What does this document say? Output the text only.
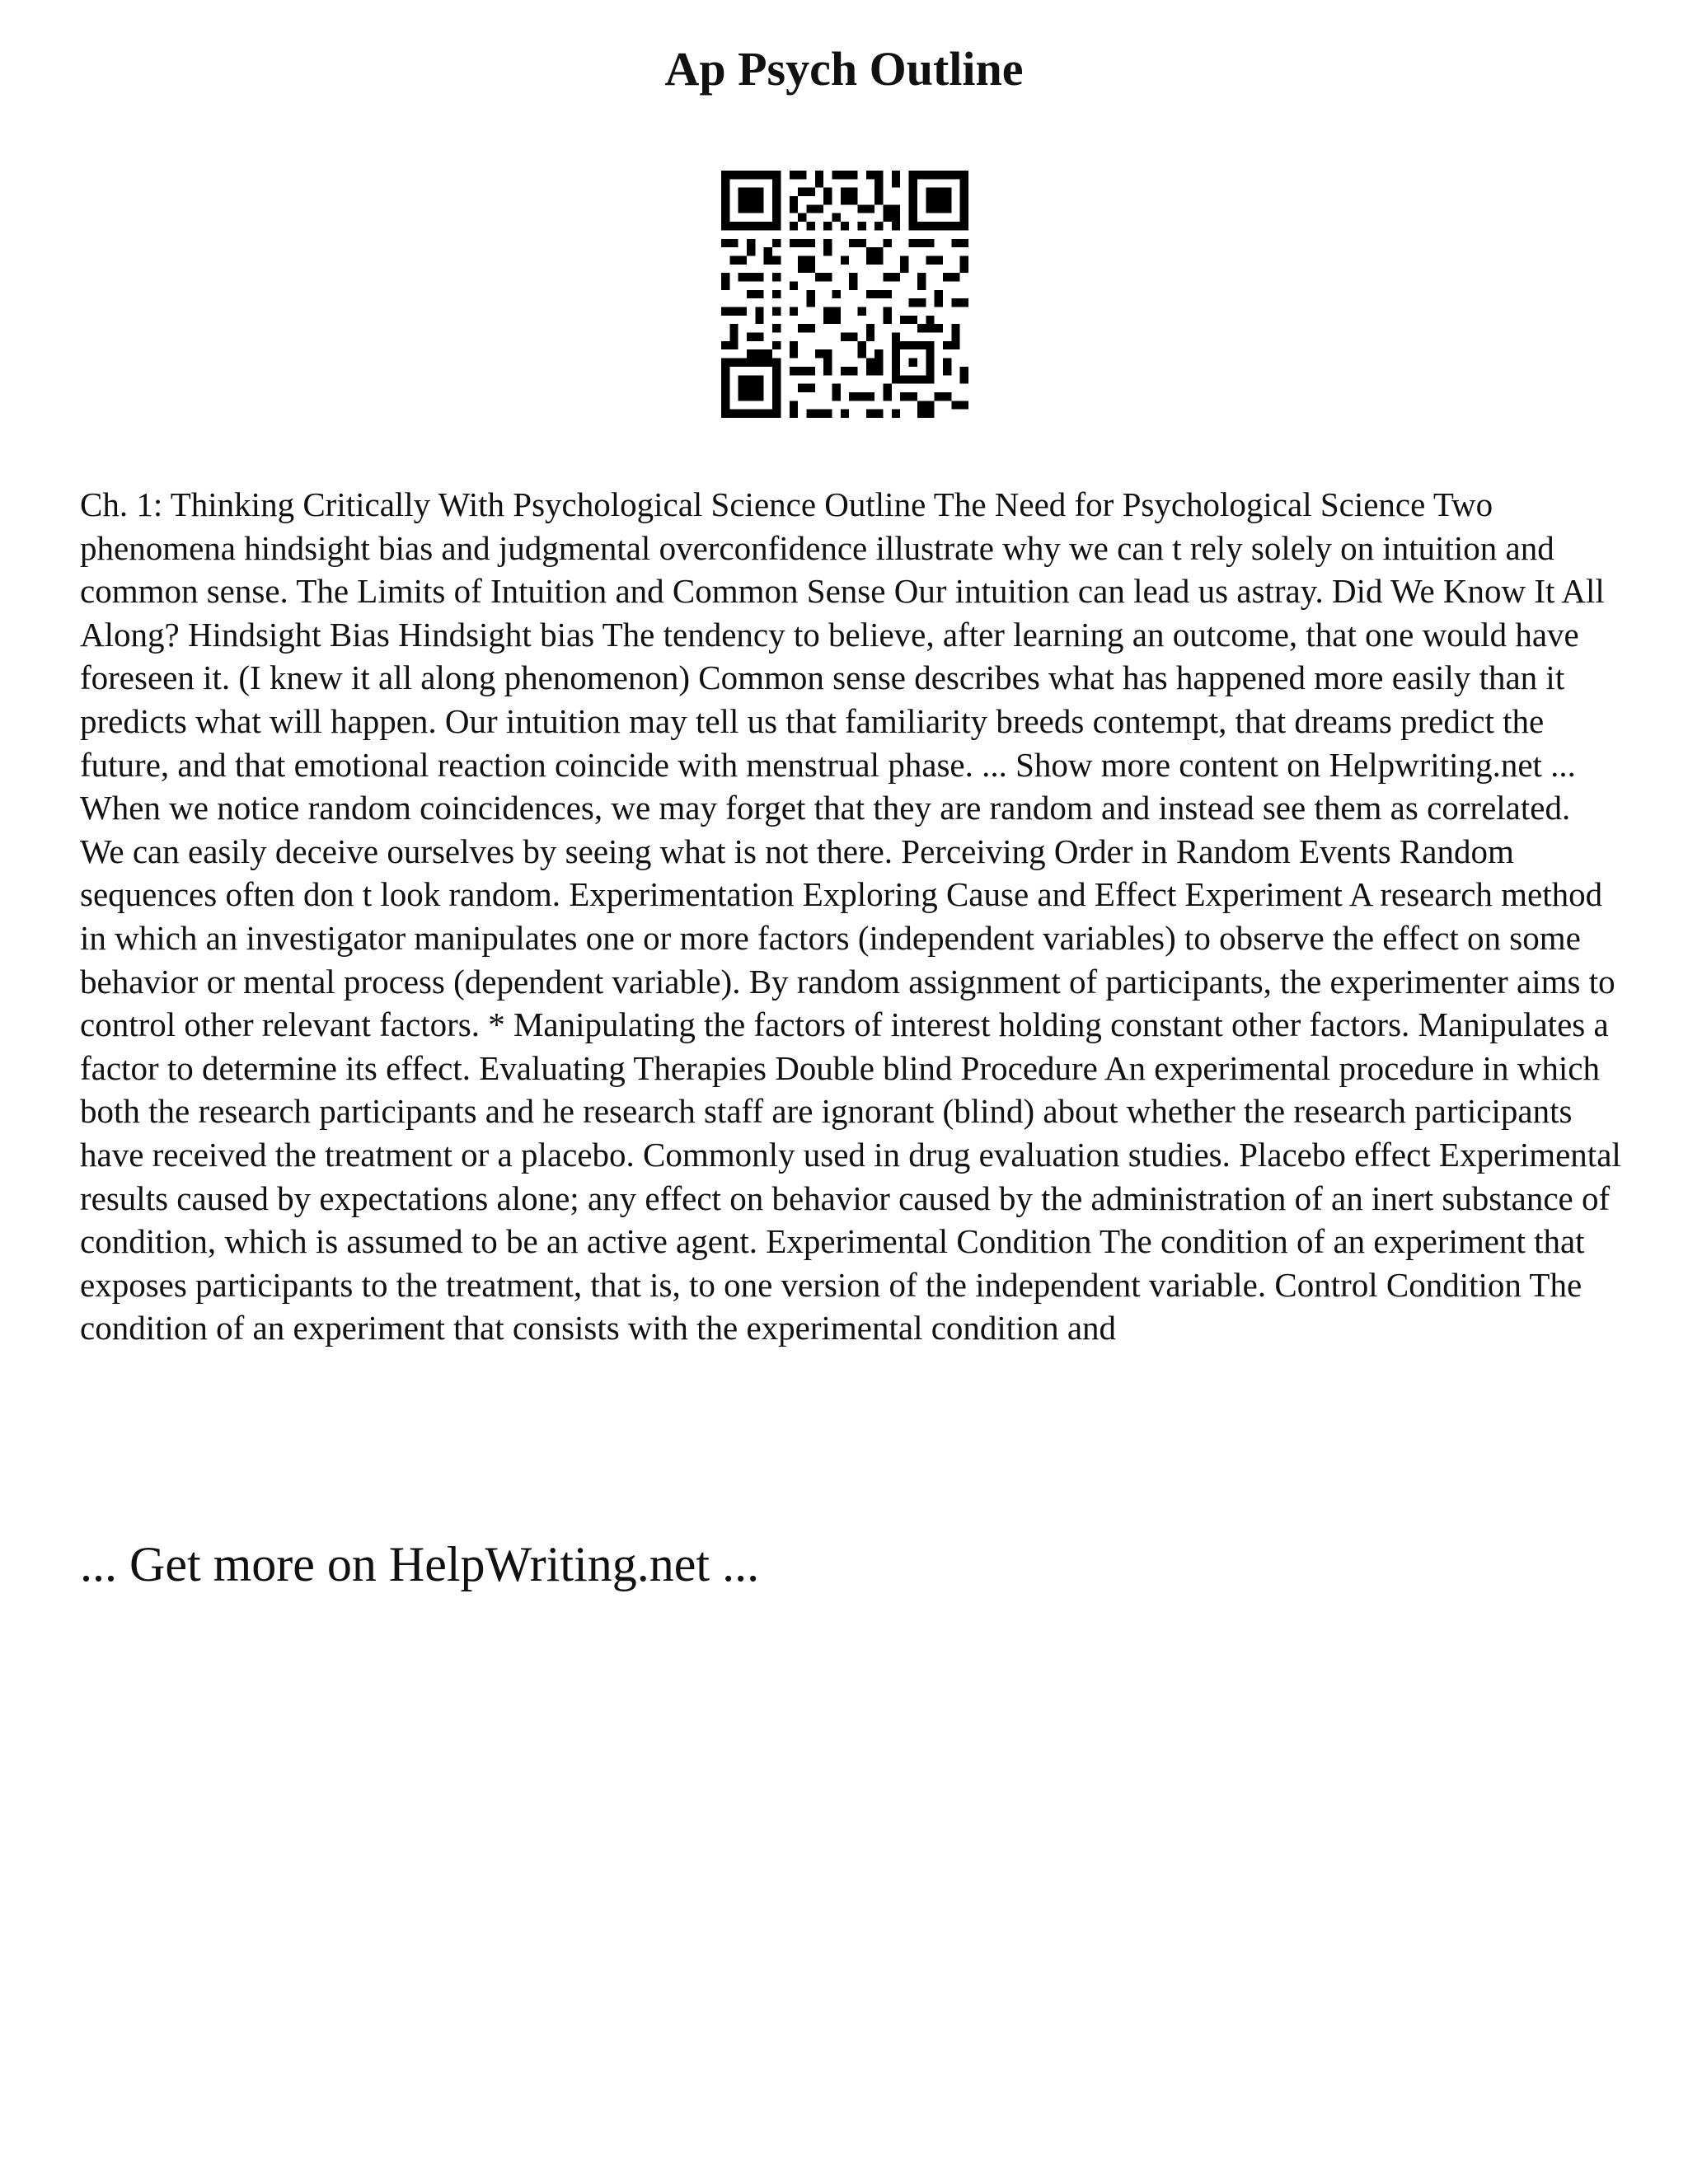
Ap Psych Outline

Ch. 1: Thinking Critically With Psychological Science Outline The Need for Psychological Science Two phenomena hindsight bias and judgmental overconfidence illustrate why we can t rely solely on intuition and common sense. The Limits of Intuition and Common Sense Our intuition can lead us astray. Did We Know It All Along? Hindsight Bias Hindsight bias The tendency to believe, after learning an outcome, that one would have foreseen it. (I knew it all along phenomenon) Common sense describes what has happened more easily than it predicts what will happen. Our intuition may tell us that familiarity breeds contempt, that dreams predict the future, and that emotional reaction coincide with menstrual phase. ... Show more content on Helpwriting.net ...

When we notice random coincidences, we may forget that they are random and instead see them as correlated. We can easily deceive ourselves by seeing what is not there. Perceiving Order in Random Events Random sequences often don t look random. Experimentation Exploring Cause and Effect Experiment A research method in which an investigator manipulates one or more factors (independent variables) to observe the effect on some behavior or mental process (dependent variable). By random assignment of participants, the experimenter aims to control other relevant factors. * Manipulating the factors of interest holding constant other factors. Manipulates a factor to determine its effect. Evaluating Therapies Double blind Procedure An experimental procedure in which both the research participants and he research staff are ignorant (blind) about whether the research participants have received the treatment or a placebo. Commonly used in drug evaluation studies. Placebo effect Experimental results caused by expectations alone; any effect on behavior caused by the administration of an inert substance of condition, which is assumed to be an active agent. Experimental Condition The condition of an experiment that exposes participants to the treatment, that is, to one version of the independent variable. Control Condition The condition of an experiment that consists with the experimental condition and

... Get more on HelpWriting.net ...
